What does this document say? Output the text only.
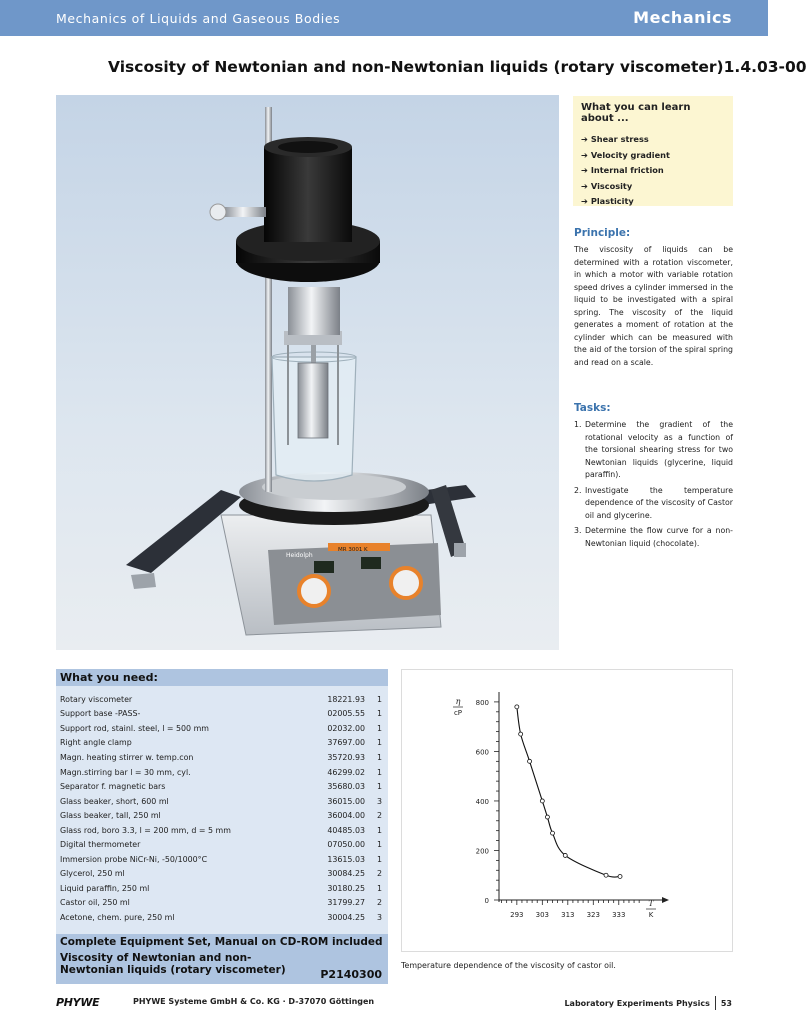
Mechanics of Liquids and Gaseous Bodies	Mechanics
Viscosity of Newtonian and non-Newtonian liquids (rotary viscometer) 1.4.03-00
Heidolph
MR 3001 K
What you can learn about ...
➔ Shear stress
➔ Velocity gradient
➔ Internal friction
➔ Viscosity
➔ Plasticity
Principle:
The viscosity of liquids can be determined with a rotation viscometer, in which a motor with variable rotation speed drives a cylinder immersed in the liquid to be investigated with a spiral spring. The viscosity of the liquid generates a moment of rotation at the cylinder which can be measured with the aid of the torsion of the spiral spring and read on a scale.
Tasks:
1. Determine the gradient of the rotational velocity as a function of the torsional shearing stress for two Newtonian liquids (glycerine, liquid paraffin).
2. Investigate the temperature dependence of the viscosity of Castor oil and glycerine.
3. Determine the flow curve for a non-Newtonian liquid (chocolate).
What you need:
Rotary viscometer	18221.93	1
Support base -PASS-	02005.55	1
Support rod, stainl. steel, l = 500 mm	02032.00	1
Right angle clamp	37697.00	1
Magn. heating stirrer w. temp.con	35720.93	1
Magn.stirring bar l = 30 mm, cyl.	46299.02	1
Separator f. magnetic bars	35680.03	1
Glass beaker, short, 600 ml	36015.00	3
Glass beaker, tall, 250 ml	36004.00	2
Glass rod, boro 3.3, l = 200 mm, d = 5 mm	40485.03	1
Digital thermometer	07050.00	1
Immersion probe NiCr-Ni, -50/1000°C	13615.03	1
Glycerol, 250 ml	30084.25	2
Liquid paraffin, 250 ml	30180.25	1
Castor oil, 250 ml	31799.27	2
Acetone, chem. pure, 250 ml	30004.25	3
Complete Equipment Set, Manual on CD-ROM included
Viscosity of Newtonian and non-Newtonian liquids (rotary viscometer)	P2140300
0
200
400
600
800
293 303 313 323 333
η
cP
T
K
Temperature dependence of the viscosity of castor oil.
PHYWE	PHYWE Systeme GmbH & Co. KG · D-37070 Göttingen	Laboratory Experiments Physics 53
